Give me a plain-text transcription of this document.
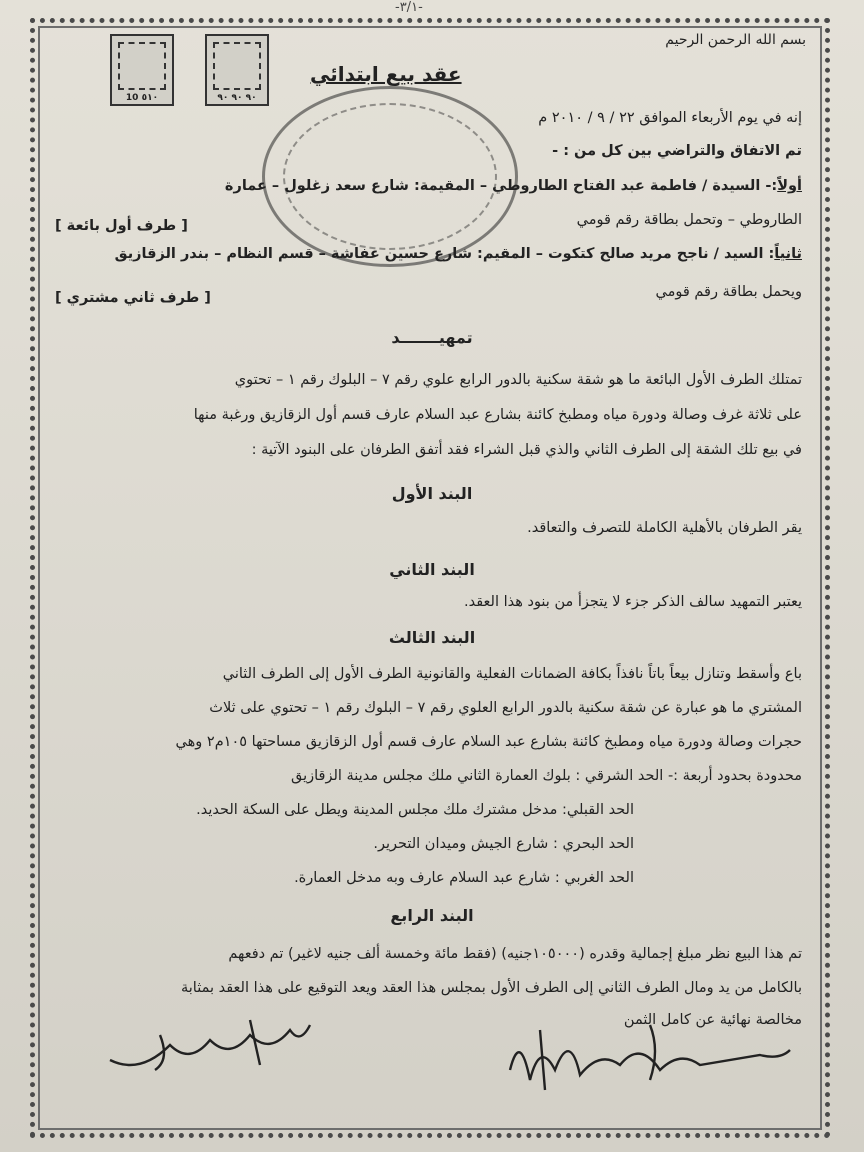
-٣/١-
بسم الله الرحمن الرحيم
10 ٥١٠	٩٠ ٩٠ ٩٠
عقد بيع ابتدائي
إنه في يوم الأربعاء الموافق ٢٢ / ٩ / ٢٠١٠ م
تم الاتفاق والتراضي بين كل من : -
أولاً:- السيدة / فاطمة عبد الفتاح الطاروطي – المقيمة: شارع سعد زغلول – عمارة
الطاروطي – وتحمل بطاقة رقم قومي
[ طرف أول بائعة ]
ثانياً: السيد / ناجح مريد صالح كتكوت – المقيم: شارع حسين عفاشة – قسم النظام – بندر الزقازيق
ويحمل بطاقة رقم قومي
[ طرف ثاني مشتري ]
تمهيـــــــد
تمتلك الطرف الأول البائعة ما هو شقة سكنية بالدور الرابع علوي رقم ٧ – البلوك رقم ١ – تحتوي
على ثلاثة غرف وصالة ودورة مياه ومطبخ كائنة بشارع عبد السلام عارف قسم أول الزقازيق ورغبة منها
في بيع تلك الشقة إلى الطرف الثاني والذي قبل الشراء فقد أتفق الطرفان على البنود الآتية :
البند الأول
يقر الطرفان بالأهلية الكاملة للتصرف والتعاقد.
البند الثاني
يعتبر التمهيد سالف الذكر جزء لا يتجزأ من بنود هذا العقد.
البند الثالث
باع وأسقط وتنازل بيعاً باتاً نافذاً بكافة الضمانات الفعلية والقانونية الطرف الأول إلى الطرف الثاني
المشتري ما هو عبارة عن شقة سكنية بالدور الرابع العلوي رقم ٧ – البلوك رقم ١ – تحتوي على ثلاث
حجرات وصالة ودورة مياه ومطبخ كائنة بشارع عبد السلام عارف قسم أول الزقازيق مساحتها ١٠٥م٢ وهي
محدودة بحدود أربعة :- الحد الشرقي : بلوك العمارة الثاني ملك مجلس مدينة الزقازيق
الحد القبلي: مدخل مشترك ملك مجلس المدينة ويطل على السكة الحديد.
الحد البحري : شارع الجيش وميدان التحرير.
الحد الغربي : شارع عبد السلام عارف وبه مدخل العمارة.
البند الرابع
تم هذا البيع نظر مبلغ إجمالية وقدره (١٠٥٠٠٠جنيه) (فقط مائة وخمسة ألف جنيه لاغير) تم دفعهم
بالكامل من يد ومال الطرف الثاني إلى الطرف الأول بمجلس هذا العقد ويعد التوقيع على هذا العقد بمثابة
مخالصة نهائية عن كامل الثمن
